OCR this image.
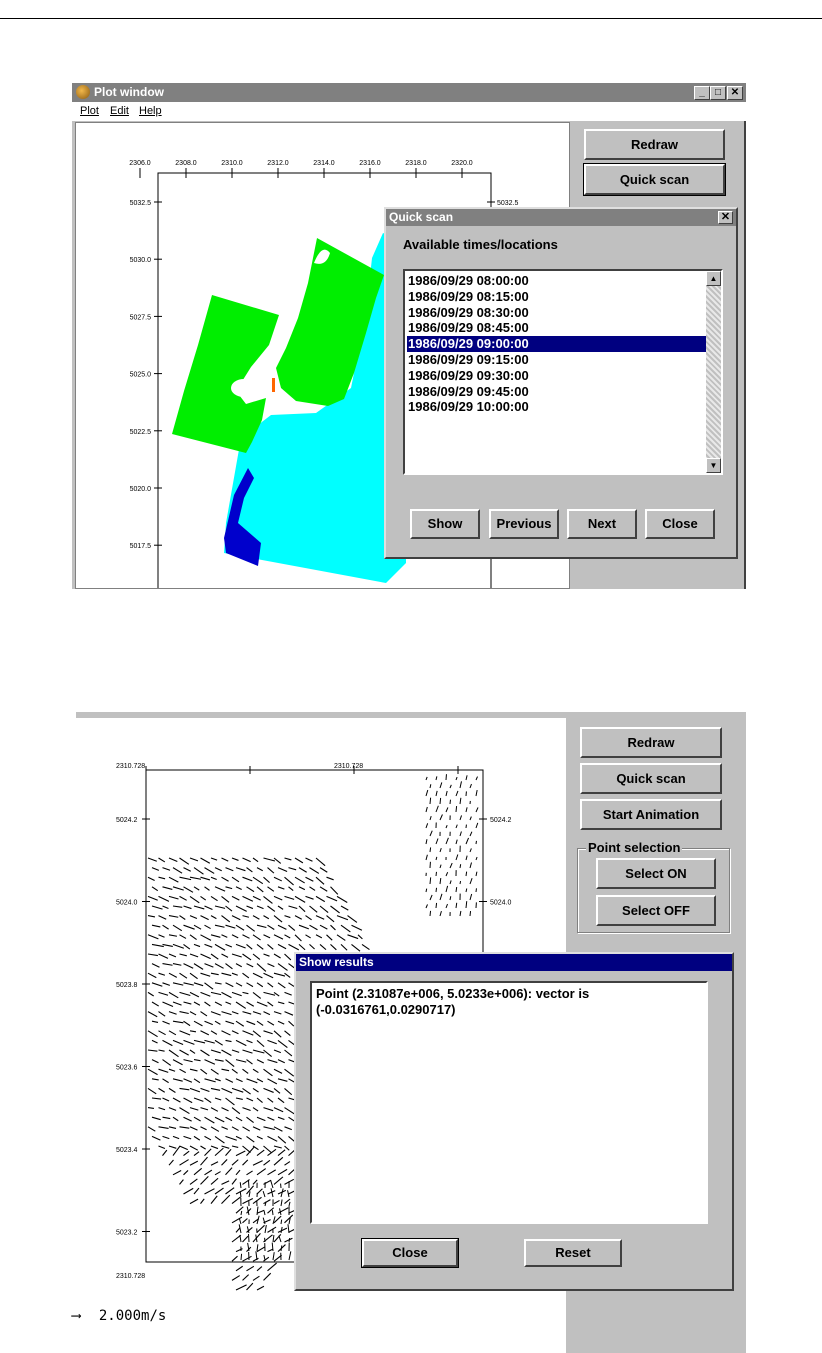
Plot window	_	□ ✕
Plot Edit Help
2306.0	2308.0	2310.0	2312.0	2314.0	2316.0	2318.0	2320.0
5032.5	5032.5
5030.0
5027.5
5025.0
5022.5
5020.0
5017.5
Redraw
Quick scan
Quick scan	✕
Available times/locations
1986/09/29 08:00:00
1986/09/29 08:15:00
1986/09/29 08:30:00
1986/09/29 08:45:00
1986/09/29 09:00:00
1986/09/29 09:15:00
1986/09/29 09:30:00
1986/09/29 09:45:00
1986/09/29 10:00:00
▲
▼
Show	Previous	Next	Close
2310.728	2310.728
2310.728
5024.2	5024.2
5024.0	5024.0
5023.8
5023.6
5023.4
5023.2
Redraw
Quick scan
Start Animation
Point selection
Select ON
Select OFF
Show results
Point (2.31087e+006, 5.0233e+006): vector is
(-0.0316761,0.0290717)
Close	Reset
⟶ 2.000m/s
